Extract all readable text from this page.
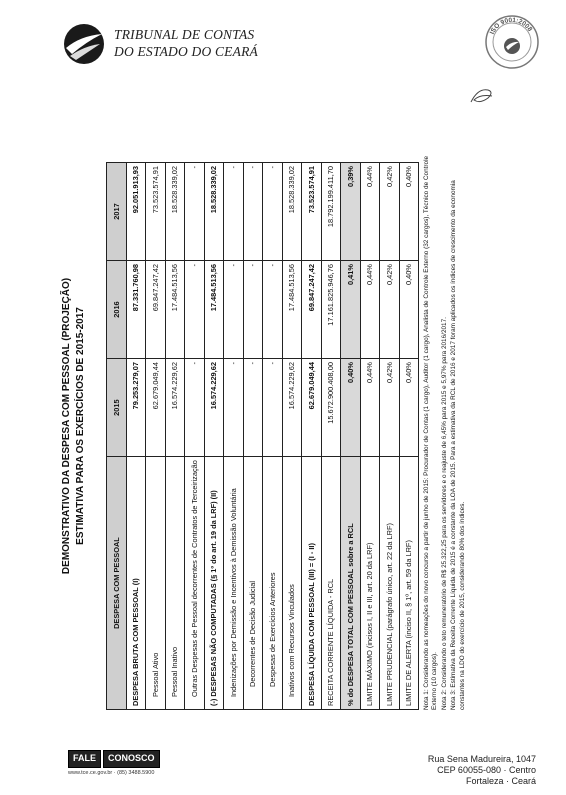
TRIBUNAL DE CONTAS
DO ESTADO DO CEARÁ
ISO 9001:2008
DEMONSTRATIVO DA DESPESA COM PESSOAL (PROJEÇÃO) ESTIMATIVA PARA OS EXERCÍCIOS DE 2015-2017
DESPESA COM PESSOAL	2015	2016	2017
DESPESA BRUTA COM PESSOAL (I)	79.253.279,07	87.331.760,98	92.051.913,93
Pessoal Ativo	62.679.049,44	69.847.247,42	73.523.574,91
Pessoal Inativo	16.574.229,62	17.484.513,56	18.528.339,02
Outras Despesas de Pessoal decorrentes de Contratos de Terceirização	-	-	-
(-) DESPESAS NÃO COMPUTADAS (§ 1º do art. 19 da LRF) (II)	16.574.229,62	17.484.513,56	18.528.339,02
Indenizações por Demissão e Incentivos à Demissão Voluntária	-	-	-
Decorrentes de Decisão Judicial	-	-	-
Despesas de Exercícios Anteriores	-	-	-
Inativos com Recursos Vinculados	16.574.229,62	17.484.513,56	18.528.339,02
DESPESA LÍQUIDA COM PESSOAL (III) = (I - II)	62.679.049,44	69.847.247,42	73.523.574,91
RECEITA CORRENTE LÍQUIDA - RCL	15.672.900.408,00	17.161.825.946,76	18.792.199.411,70
% do DESPESA TOTAL COM PESSOAL sobre a RCL	0,40%	0,41%	0,39%
LIMITE MÁXIMO (incisos I, II e III, art. 20 da LRF)	0,44%	0,44%	0,44%
LIMITE PRUDENCIAL (parágrafo único, art. 22 da LRF)	0,42%	0,42%	0,42%
LIMITE DE ALERTA (inciso II, § 1º, art. 59 da LRF)	0,40%	0,40%	0,40% Nota 1: Considerando as nomeações do novo concurso a partir de junho de 2015: Procurador de Contas (1 cargo), Auditor (1 cargo), Analista de Controle Externo (32 cargos), Técnico de Controle Externo (10 cargos). Nota 2: Considerando o teto remuneratório de R$ 25.322,25 para os servidores e o reajuste de 6,45% para 2015 e 5,97% para 2016/2017. Nota 3: Estimativa da Receita Corrente Líquida de 2015 é a constante da LOA de 2015. Para a estimativa da RCL de 2016 e 2017 foram aplicados os índices de crescimento da economia constantes na LDO do exercício de 2015, considerando 80% dos índices.

FALE	CONOSCO
www.tce.ce.gov.br · (85) 3488.5900
Rua Sena Madureira, 1047
CEP 60055-080 · Centro
Fortaleza · Ceará
